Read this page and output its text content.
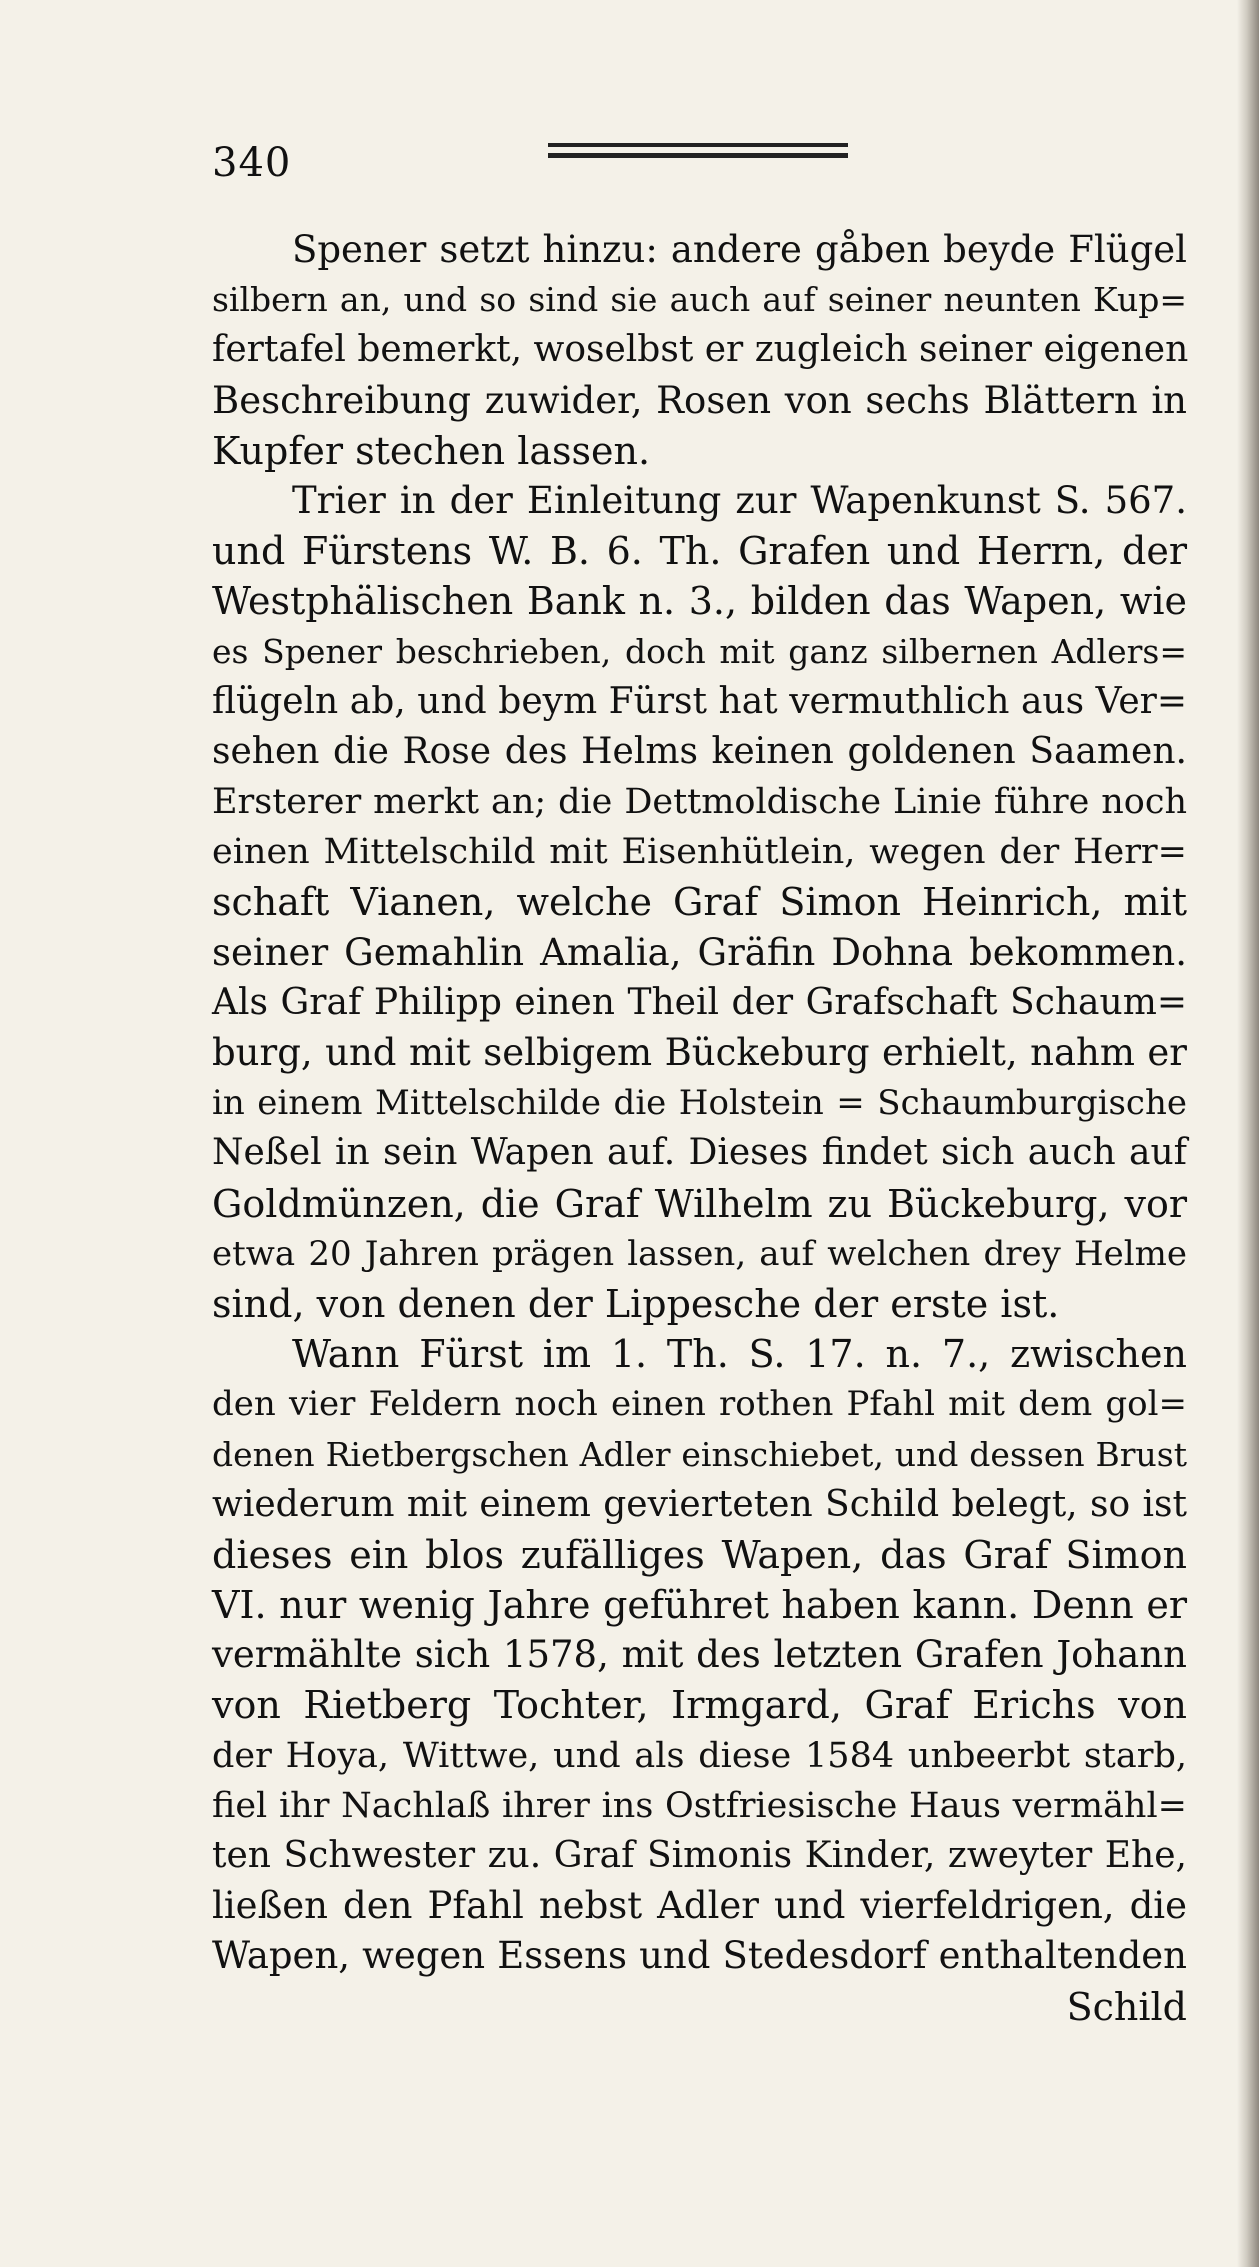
340
Spener setzt hinzu: andere gåben beyde Flügel
silbern an, und so sind sie auch auf seiner neunten Kup=
fertafel bemerkt, woselbst er zugleich seiner eigenen
Beschreibung zuwider, Rosen von sechs Blättern in
Kupfer stechen lassen.
Trier in der Einleitung zur Wapenkunst S. 567.
und Fürstens W. B. 6. Th. Grafen und Herrn, der
Westphälischen Bank n. 3., bilden das Wapen, wie
es Spener beschrieben, doch mit ganz silbernen Adlers=
flügeln ab, und beym Fürst hat vermuthlich aus Ver=
sehen die Rose des Helms keinen goldenen Saamen.
Ersterer merkt an; die Dettmoldische Linie führe noch
einen Mittelschild mit Eisenhütlein, wegen der Herr=
schaft Vianen, welche Graf Simon Heinrich, mit
seiner Gemahlin Amalia, Gräfin Dohna bekommen.
Als Graf Philipp einen Theil der Grafschaft Schaum=
burg, und mit selbigem Bückeburg erhielt, nahm er
in einem Mittelschilde die Holstein = Schaumburgische
Neßel in sein Wapen auf. Dieses findet sich auch auf
Goldmünzen, die Graf Wilhelm zu Bückeburg, vor
etwa 20 Jahren prägen lassen, auf welchen drey Helme
sind, von denen der Lippesche der erste ist.
Wann Fürst im 1. Th. S. 17. n. 7., zwischen
den vier Feldern noch einen rothen Pfahl mit dem gol=
denen Rietbergschen Adler einschiebet, und dessen Brust
wiederum mit einem geviertеten Schild belegt, so ist
dieses ein blos zufälliges Wapen, das Graf Simon
VI. nur wenig Jahre geführet haben kann. Denn er
vermählte sich 1578, mit des letzten Grafen Johann
von Rietberg Tochter, Irmgard, Graf Erichs von
der Hoya, Wittwe, und als diese 1584 unbeerbt starb,
fiel ihr Nachlaß ihrer ins Ostfriesische Haus vermähl=
ten Schwester zu. Graf Simonis Kinder, zweyter Ehe,
ließen den Pfahl nebst Adler und vierfeldrigen, die
Wapen, wegen Essens und Stedesdorf enthaltenden
Schild
